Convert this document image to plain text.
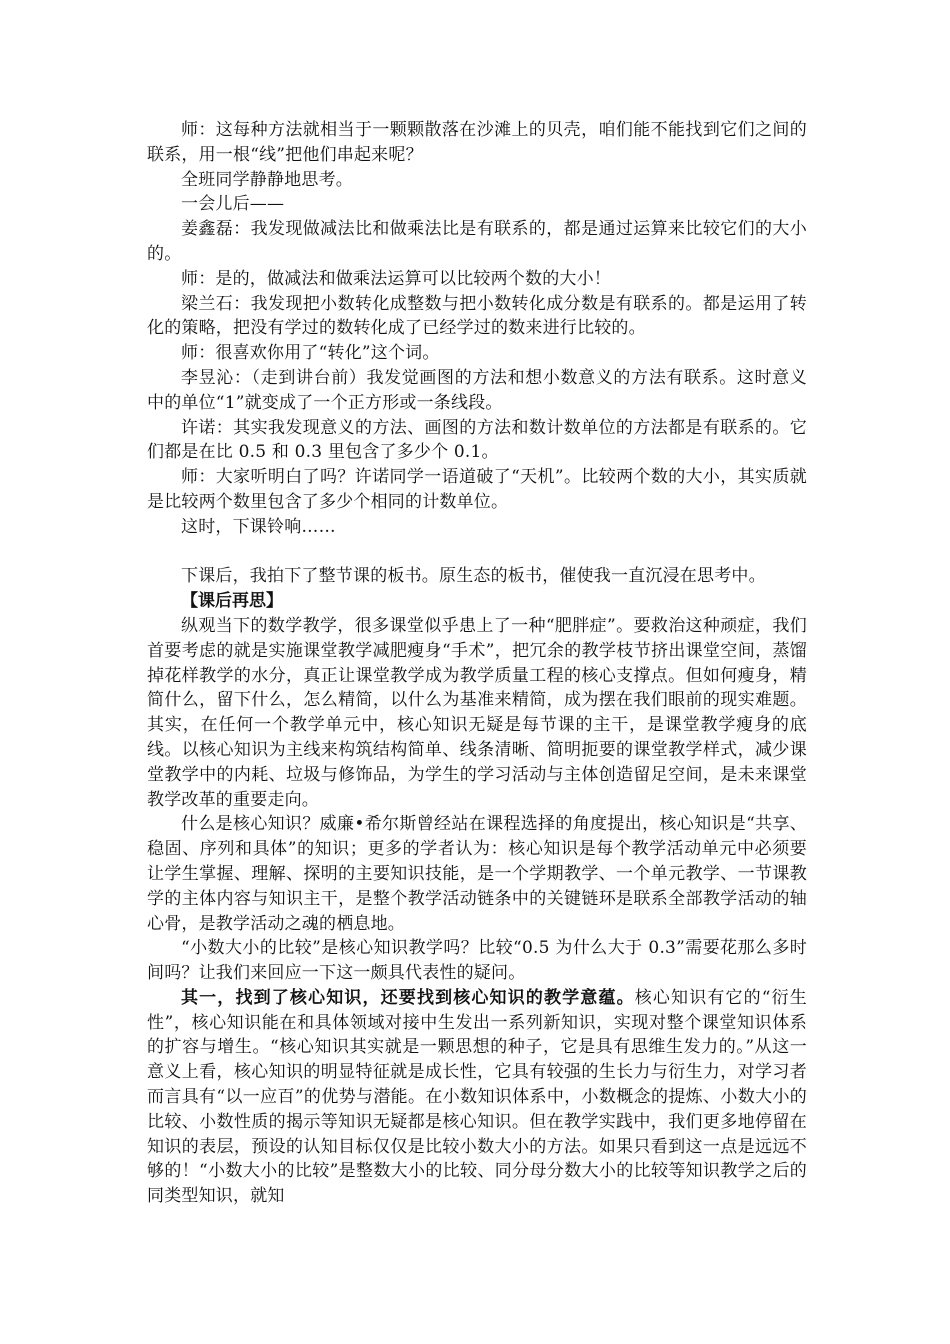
师：这每种方法就相当于一颗颗散落在沙滩上的贝壳，咱们能不能找到它们之间的联系，用一根“线”把他们串起来呢？

全班同学静静地思考。

一会儿后——

姜鑫磊：我发现做减法比和做乘法比是有联系的，都是通过运算来比较它们的大小的。

师：是的，做减法和做乘法运算可以比较两个数的大小！

梁兰石：我发现把小数转化成整数与把小数转化成分数是有联系的。都是运用了转化的策略，把没有学过的数转化成了已经学过的数来进行比较的。

师：很喜欢你用了“转化”这个词。

李昱沁：（走到讲台前）我发觉画图的方法和想小数意义的方法有联系。这时意义中的单位“1”就变成了一个正方形或一条线段。

许诺：其实我发现意义的方法、画图的方法和数计数单位的方法都是有联系的。它们都是在比 0.5 和 0.3 里包含了多少个 0.1。

师：大家听明白了吗？许诺同学一语道破了“天机”。比较两个数的大小，其实质就是比较两个数里包含了多少个相同的计数单位。

这时，下课铃响……

下课后，我拍下了整节课的板书。原生态的板书，催使我一直沉浸在思考中。

【课后再思】

纵观当下的数学教学，很多课堂似乎患上了一种“肥胖症”。要救治这种顽症，我们首要考虑的就是实施课堂教学减肥瘦身“手术”，把冗余的教学枝节挤出课堂空间，蒸馏掉花样教学的水分，真正让课堂教学成为教学质量工程的核心支撑点。但如何瘦身，精简什么，留下什么，怎么精简，以什么为基准来精简，成为摆在我们眼前的现实难题。其实，在任何一个教学单元中，核心知识无疑是每节课的主干，是课堂教学瘦身的底线。以核心知识为主线来构筑结构简单、线条清晰、简明扼要的课堂教学样式，减少课堂教学中的内耗、垃圾与修饰品，为学生的学习活动与主体创造留足空间，是未来课堂教学改革的重要走向。

什么是核心知识？威廉•希尔斯曾经站在课程选择的角度提出，核心知识是“共享、稳固、序列和具体”的知识；更多的学者认为：核心知识是每个教学活动单元中必须要让学生掌握、理解、探明的主要知识技能，是一个学期教学、一个单元教学、一节课教学的主体内容与知识主干，是整个教学活动链条中的关键链环是联系全部教学活动的轴心骨，是教学活动之魂的栖息地。

“小数大小的比较”是核心知识教学吗？比较“0.5 为什么大于 0.3”需要花那么多时间吗？让我们来回应一下这一颇具代表性的疑问。

其一，找到了核心知识，还要找到核心知识的教学意蕴。核心知识有它的“衍生性”，核心知识能在和具体领域对接中生发出一系列新知识，实现对整个课堂知识体系的扩容与增生。“核心知识其实就是一颗思想的种子，它是具有思维生发力的。”从这一意义上看，核心知识的明显特征就是成长性，它具有较强的生长力与衍生力，对学习者而言具有“以一应百”的优势与潜能。在小数知识体系中，小数概念的提炼、小数大小的比较、小数性质的揭示等知识无疑都是核心知识。但在教学实践中，我们更多地停留在知识的表层，预设的认知目标仅仅是比较小数大小的方法。如果只看到这一点是远远不够的！“小数大小的比较”是整数大小的比较、同分母分数大小的比较等知识教学之后的同类型知识，就知
